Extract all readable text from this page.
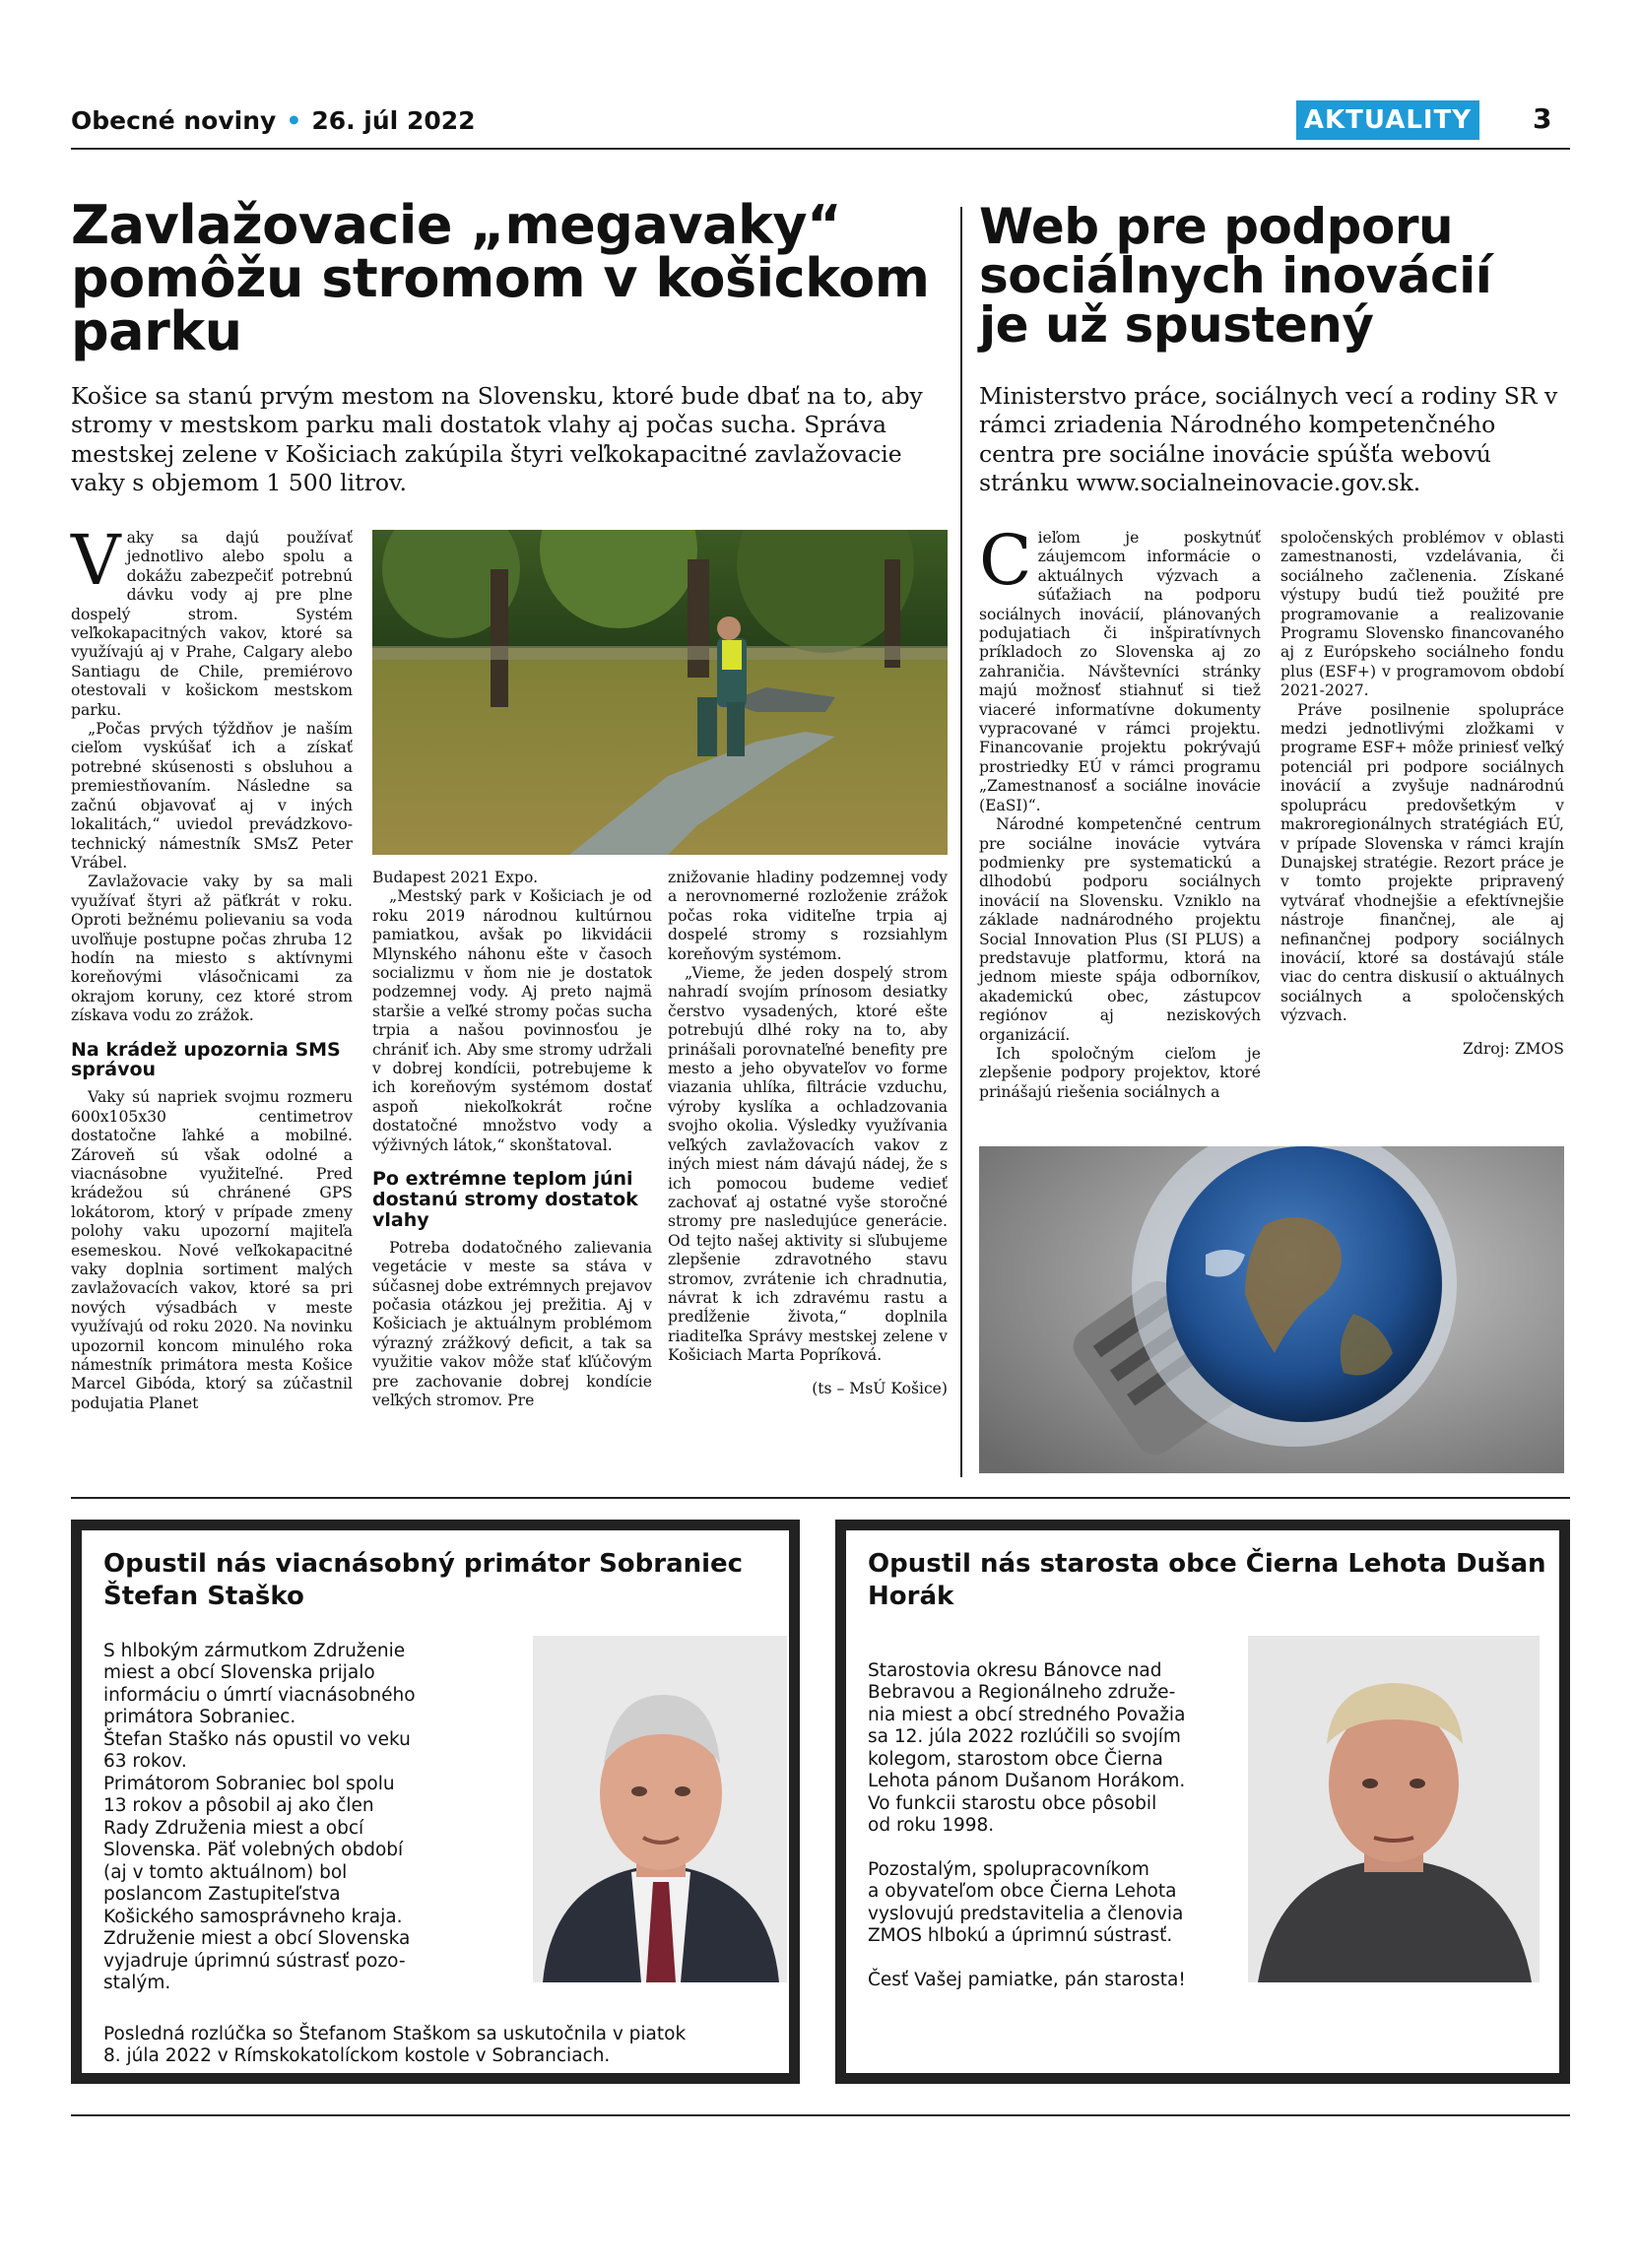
Obecné noviny • 26. júl 2022	AKTUALITY 3
Zavlažovacie „megavaky“ pomôžu stromom v košickom parku
Košice sa stanú prvým mestom na Slovensku, ktoré bude dbať na to, aby stromy v mestskom parku mali dostatok vlahy aj počas sucha. Správa mestskej zelene v Košiciach zakúpila štyri veľkokapacitné zavlažovacie vaky s objemom 1 500 litrov.

Vaky sa dajú používať jednotlivo alebo spolu a dokážu zabezpečiť potrebnú dávku vody aj pre plne dospelý strom. Systém veľkokapacitných vakov, ktoré sa využívajú aj v Prahe, Calgary alebo Santiagu de Chile, premiérovo otestovali v košickom mestskom parku.

„Počas prvých týždňov je naším cieľom vyskúšať ich a získať potrebné skúsenosti s obsluhou a premiestňovaním. Následne sa začnú objavovať aj v iných lokalitách,“ uviedol prevádzkovo-technický námestník SMsZ Peter Vrábel.

Zavlažovacie vaky by sa mali využívať štyri až päťkrát v roku. Oproti bežnému polievaniu sa voda uvoľňuje postupne počas zhruba 12 hodín na miesto s aktívnymi koreňovými vlásočnicami za okrajom koruny, cez ktoré strom získava vodu zo zrážok.

Na krádež upozornia SMS správou

Vaky sú napriek svojmu rozmeru 600x105x30 centimetrov dostatočne ľahké a mobilné. Zároveň sú však odolné a viacnásobne využiteľné. Pred krádežou sú chránené GPS lokátorom, ktorý v prípade zmeny polohy vaku upozorní majiteľa esemeskou. Nové veľkokapacitné vaky doplnia sortiment malých zavlažovacích vakov, ktoré sa pri nových výsadbách v meste využívajú od roku 2020. Na novinku upozornil koncom minulého roka námestník primátora mesta Košice Marcel Gibóda, ktorý sa zúčastnil podujatia Planet

Budapest 2021 Expo.

„Mestský park v Košiciach je od roku 2019 národnou kultúrnou pamiatkou, avšak po likvidácii Mlynského náhonu ešte v časoch socializmu v ňom nie je dostatok podzemnej vody. Aj preto najmä staršie a veľké stromy počas sucha trpia a našou povinnosťou je chrániť ich. Aby sme stromy udržali v dobrej kondícii, potrebujeme k ich koreňovým systémom dostať aspoň niekoľkokrát ročne dostatočné množstvo vody a výživných látok,“ skonštatoval.

Po extrémne teplom júni dostanú stromy dostatok vlahy

Potreba dodatočného zalievania vegetácie v meste sa stáva v súčasnej dobe extrémnych prejavov počasia otázkou jej prežitia. Aj v Košiciach je aktuálnym problémom výrazný zrážkový deficit, a tak sa využitie vakov môže stať kľúčovým pre zachovanie dobrej kondície veľkých stromov. Pre

znižovanie hladiny podzemnej vody a nerovnomerné rozloženie zrážok počas roka viditeľne trpia aj dospelé stromy s rozsiahlym koreňovým systémom.

„Vieme, že jeden dospelý strom nahradí svojím prínosom desiatky čerstvo vysadených, ktoré ešte potrebujú dlhé roky na to, aby prinášali porovnateľné benefity pre mesto a jeho obyvateľov vo forme viazania uhlíka, filtrácie vzduchu, výroby kyslíka a ochladzovania svojho okolia. Výsledky využívania veľkých zavlažovacích vakov z iných miest nám dávajú nádej, že s ich pomocou budeme vedieť zachovať aj ostatné vyše storočné stromy pre nasledujúce generácie. Od tejto našej aktivity si sľubujeme zlepšenie zdravotného stavu stromov, zvrátenie ich chradnutia, návrat k ich zdravému rastu a predĺženie života,“ doplnila riaditeľka Správy mestskej zelene v Košiciach Marta Popríková.

(ts – MsÚ Košice)

Web pre podporu sociálnych inovácií je už spustený
Ministerstvo práce, sociálnych vecí a rodiny SR v rámci zriadenia Národného kompetenčného centra pre sociálne inovácie spúšťa webovú stránku www.socialneinovacie.gov.sk.

Cieľom je poskytnúť záujemcom informácie o aktuálnych výzvach a súťažiach na podporu sociálnych inovácií, plánovaných podujatiach či inšpiratívnych príkladoch zo Slovenska aj zo zahraničia. Návštevníci stránky majú možnosť stiahnuť si tiež viaceré informatívne dokumenty vypracované v rámci projektu. Financovanie projektu pokrývajú prostriedky EÚ v rámci programu „Zamestnanosť a sociálne inovácie (EaSI)“.

Národné kompetenčné centrum pre sociálne inovácie vytvára podmienky pre systematickú a dlhodobú podporu sociálnych inovácií na Slovensku. Vzniklo na základe nadnárodného projektu Social Innovation Plus (SI PLUS) a predstavuje platformu, ktorá na jednom mieste spája odborníkov, akademickú obec, zástupcov regiónov aj neziskových organizácií.

Ich spoločným cieľom je zlepšenie podpory projektov, ktoré prinášajú riešenia sociálnych a

spoločenských problémov v oblasti zamestnanosti, vzdelávania, či sociálneho začlenenia. Získané výstupy budú tiež použité pre programovanie a realizovanie Programu Slovensko financovaného aj z Európskeho sociálneho fondu plus (ESF+) v programovom období 2021-2027.

Práve posilnenie spolupráce medzi jednotlivými zložkami v programe ESF+ môže priniesť veľký potenciál pri podpore sociálnych inovácií a zvyšuje nadnárodnú spoluprácu predovšetkým v makroregionálnych stratégiách EÚ, v prípade Slovenska v rámci krajín Dunajskej stratégie. Rezort práce je v tomto projekte pripravený vytvárať vhodnejšie a efektívnejšie nástroje finančnej, ale aj nefinančnej podpory sociálnych inovácií, ktoré sa dostávajú stále viac do centra diskusií o aktuálnych sociálnych a spoločenských výzvach.

Zdroj: ZMOS

Opustil nás viacnásobný primátor Sobraniec Štefan Staško

S hlbokým zármutkom Združenie

miest a obcí Slovenska prijalo

informáciu o úmrtí viacnásobného

primátora Sobraniec.

Štefan Staško nás opustil vo veku

63 rokov.

Primátorom Sobraniec bol spolu

13 rokov a pôsobil aj ako člen

Rady Združenia miest a obcí

Slovenska. Päť volebných období

(aj v tomto aktuálnom) bol

poslancom Zastupiteľstva

Košického samosprávneho kraja.

Združenie miest a obcí Slovenska

vyjadruje úprimnú sústrasť pozo-

stalým.

Posledná rozlúčka so Štefanom Staškom sa uskutočnila v piatok

8. júla 2022 v Rímskokatolíckom kostole v Sobranciach.

Opustil nás starosta obce Čierna Lehota Dušan Horák

Starostovia okresu Bánovce nad

Bebravou a Regionálneho združe-

nia miest a obcí stredného Považia

sa 12. júla 2022 rozlúčili so svojím

kolegom, starostom obce Čierna

Lehota pánom Dušanom Horákom.

Vo funkcii starostu obce pôsobil

od roku 1998.

Pozostalým, spolupracovníkom

a obyvateľom obce Čierna Lehota

vyslovujú predstavitelia a členovia

ZMOS hlbokú a úprimnú sústrasť.

Česť Vašej pamiatke, pán starosta!
